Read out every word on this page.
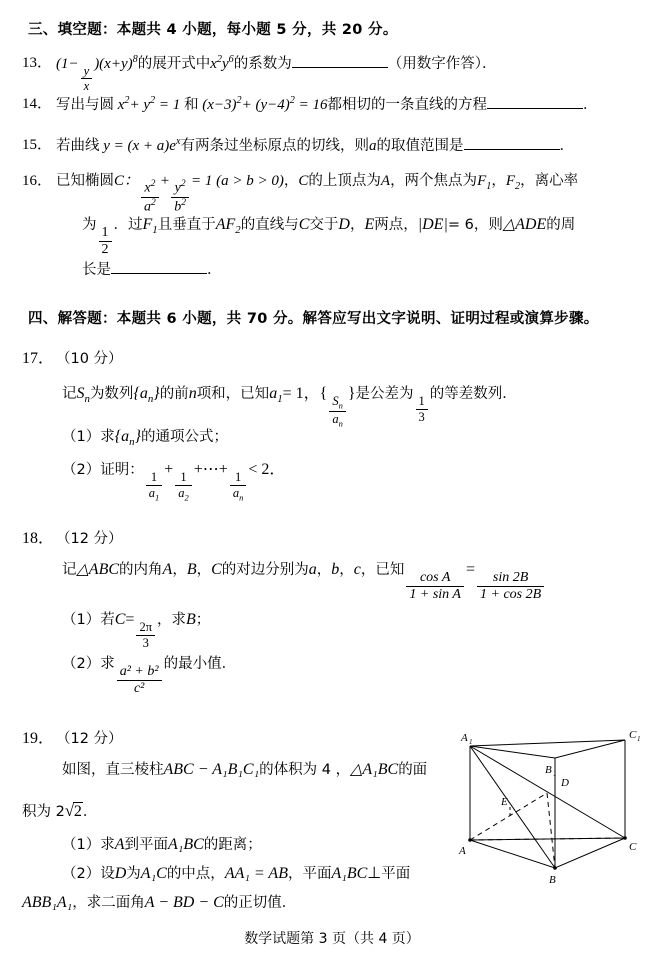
三、填空题：本题共 4 小题，每小题 5 分，共 20 分。
13． $(1- \frac{y}{x} )(x+y)^8$的展开式中$x^2y^6$的系数为	（用数字作答）．
14． 写出与圆 $x^2+ y^2 = 1$ 和 $(x-3)^2+ (y-4)^2 = 16$都相切的一条直线的方程	．
15． 若曲线 $y = (x + a)e^x$有两条过坐标原点的切线，则a的取值范围是	．
16． 已知椭圆C： $\frac{x^2}{a^2} + \frac{y^2}{b^2} = 1$ (a > b > 0)，C的上顶点为A，两个焦点为$F_1$，$F_2$，离心率
为
$\frac{1}{2}$
．过$F_1$且垂直于$AF_2$的直线与C交于D，E两点，|DE|= 6，则△ADE的周
长是	．
四、解答题：本题共 6 小题，共 70 分。解答应写出文字说明、证明过程或演算步骤。
17． （10 分）
记$S_n$为数列$\{a_n\}$的前n项和，已知$a_1= 1$，{
$\frac{S_n}{a_n}$
}是公差为
$\frac{1}{3}$
的等差数列．
（1）求$\{a_n\}$的通项公式；
（2）证明：
$\frac{1}{a_1}$
+
$\frac{1}{a_2}$
+⋯+
$\frac{1}{a_n}$
< 2．
18． （12 分）
记△ABC的内角A，B，C的对边分别为a，b，c，已知
$\frac{\text{cos A}}{\text{1 + sin A}}$
=
$\frac{\sin 2B}{1 + \cos 2B}$
（1）若C=
$\frac{2\pi}{3}$
，求B；
（2）求
$\frac{\text{a² + b²}}{\text{c²}}$
的最小值．
19． （12 分）
如图，直三棱柱ABC − A₁B₁C₁的体积为 4 ，△A₁BC的面
积为 2 √ 2．
（1）求A到平面A₁BC的距离；
（2）设D为A₁C的中点，AA₁ = AB，平面A₁BC⊥平面
ABB₁A₁，求二面角A − BD − C的正切值．
A 1
C 1
B 1
D
E
A	C
B
数学试题第 3 页（共 4 页）
